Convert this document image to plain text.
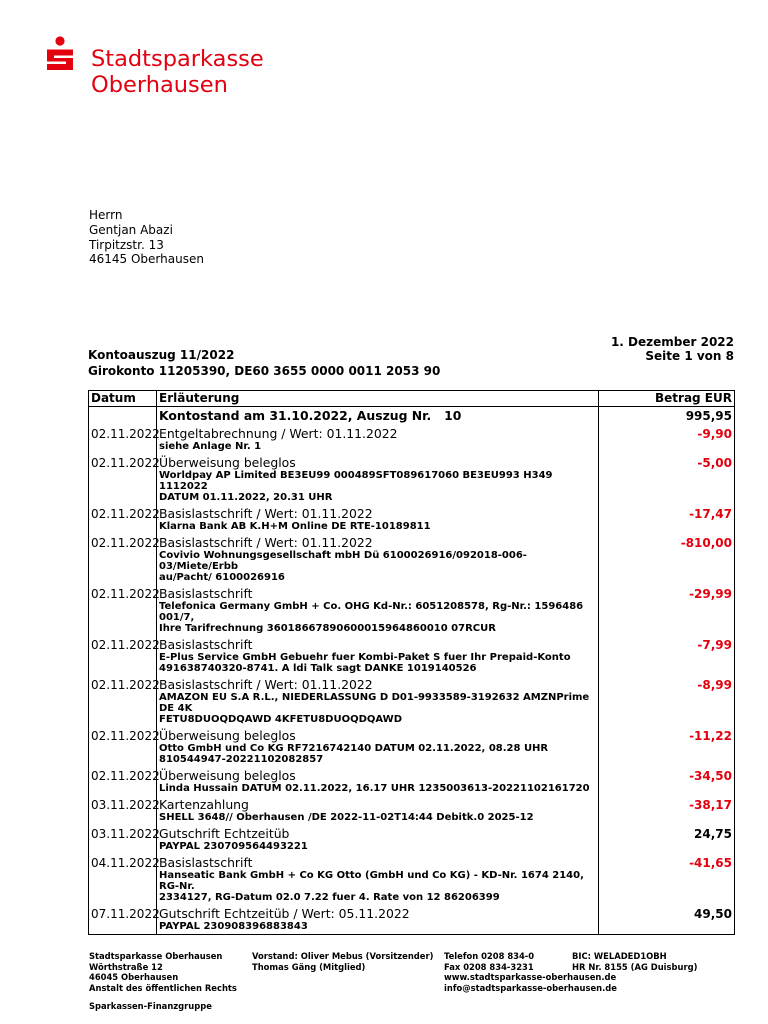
Stadtsparkasse
Oberhausen
Herrn
Gentjan Abazi
Tirpitzstr. 13
46145 Oberhausen
1. Dezember 2022
Seite 1 von 8
Kontoauszug 11/2022
Girokonto 11205390, DE60 3655 0000 0011 2053 90
Datum	Erläuterung	Betrag EUR

	Kontostand am 31.10.2022, Auszug Nr.   10	995,95
02.11.2022	Entgeltabrechnung / Wert: 01.11.2022
siehe Anlage Nr. 1	-9,90
02.11.2022	Überweisung beleglos
Worldpay AP Limited BE3EU99 000489SFT089617060 BE3EU993 H349 1112022
DATUM 01.11.2022, 20.31 UHR	-5,00
02.11.2022	Basislastschrift / Wert: 01.11.2022
Klarna Bank AB K.H+M Online DE RTE-10189811	-17,47
02.11.2022	Basislastschrift / Wert: 01.11.2022
Covivio Wohnungsgesellschaft mbH Dü 6100026916/092018-006-03/Miete/Erbb
au/Pacht/ 6100026916	-810,00
02.11.2022	Basislastschrift
Telefonica Germany GmbH + Co. OHG Kd-Nr.: 6051208578, Rg-Nr.: 1596486 001/7,
Ihre Tarifrechnung 36018667890600015964860010 07RCUR	-29,99
02.11.2022	Basislastschrift
E-Plus Service GmbH Gebuehr fuer Kombi-Paket S fuer Ihr Prepaid-Konto
491638740320-8741. A ldi Talk sagt DANKE 1019140526	-7,99
02.11.2022	Basislastschrift / Wert: 01.11.2022
AMAZON EU S.A R.L., NIEDERLASSUNG D D01-9933589-3192632 AMZNPrime DE 4K
FETU8DUOQDQAWD 4KFETU8DUOQDQAWD	-8,99
02.11.2022	Überweisung beleglos
Otto GmbH und Co KG RF7216742140 DATUM 02.11.2022, 08.28 UHR
810544947-20221102082857	-11,22
02.11.2022	Überweisung beleglos
Linda Hussain DATUM 02.11.2022, 16.17 UHR 1235003613-20221102161720	-34,50
03.11.2022	Kartenzahlung
SHELL 3648// Oberhausen /DE 2022-11-02T14:44 Debitk.0 2025-12	-38,17
03.11.2022	Gutschrift Echtzeitüb
PAYPAL 230709564493221	24,75
04.11.2022	Basislastschrift
Hanseatic Bank GmbH + Co KG Otto (GmbH und Co KG) - KD-Nr. 1674 2140, RG-Nr.
2334127, RG-Datum 02.0 7.22 fuer 4. Rate von 12 86206399	-41,65
07.11.2022	Gutschrift Echtzeitüb / Wert: 05.11.2022
PAYPAL 230908396883843	49,50
Stadtsparkasse Oberhausen
Wörthstraße 12
46045 Oberhausen
Anstalt des öffentlichen Rechts
Vorstand: Oliver Mebus (Vorsitzender)
Thomas Gäng (Mitglied)
Telefon 0208 834-0
Fax 0208 834-3231
www.stadtsparkasse-oberhausen.de
info@stadtsparkasse-oberhausen.de
BIC: WELADED1OBH
HR Nr. 8155 (AG Duisburg)
Sparkassen-Finanzgruppe
